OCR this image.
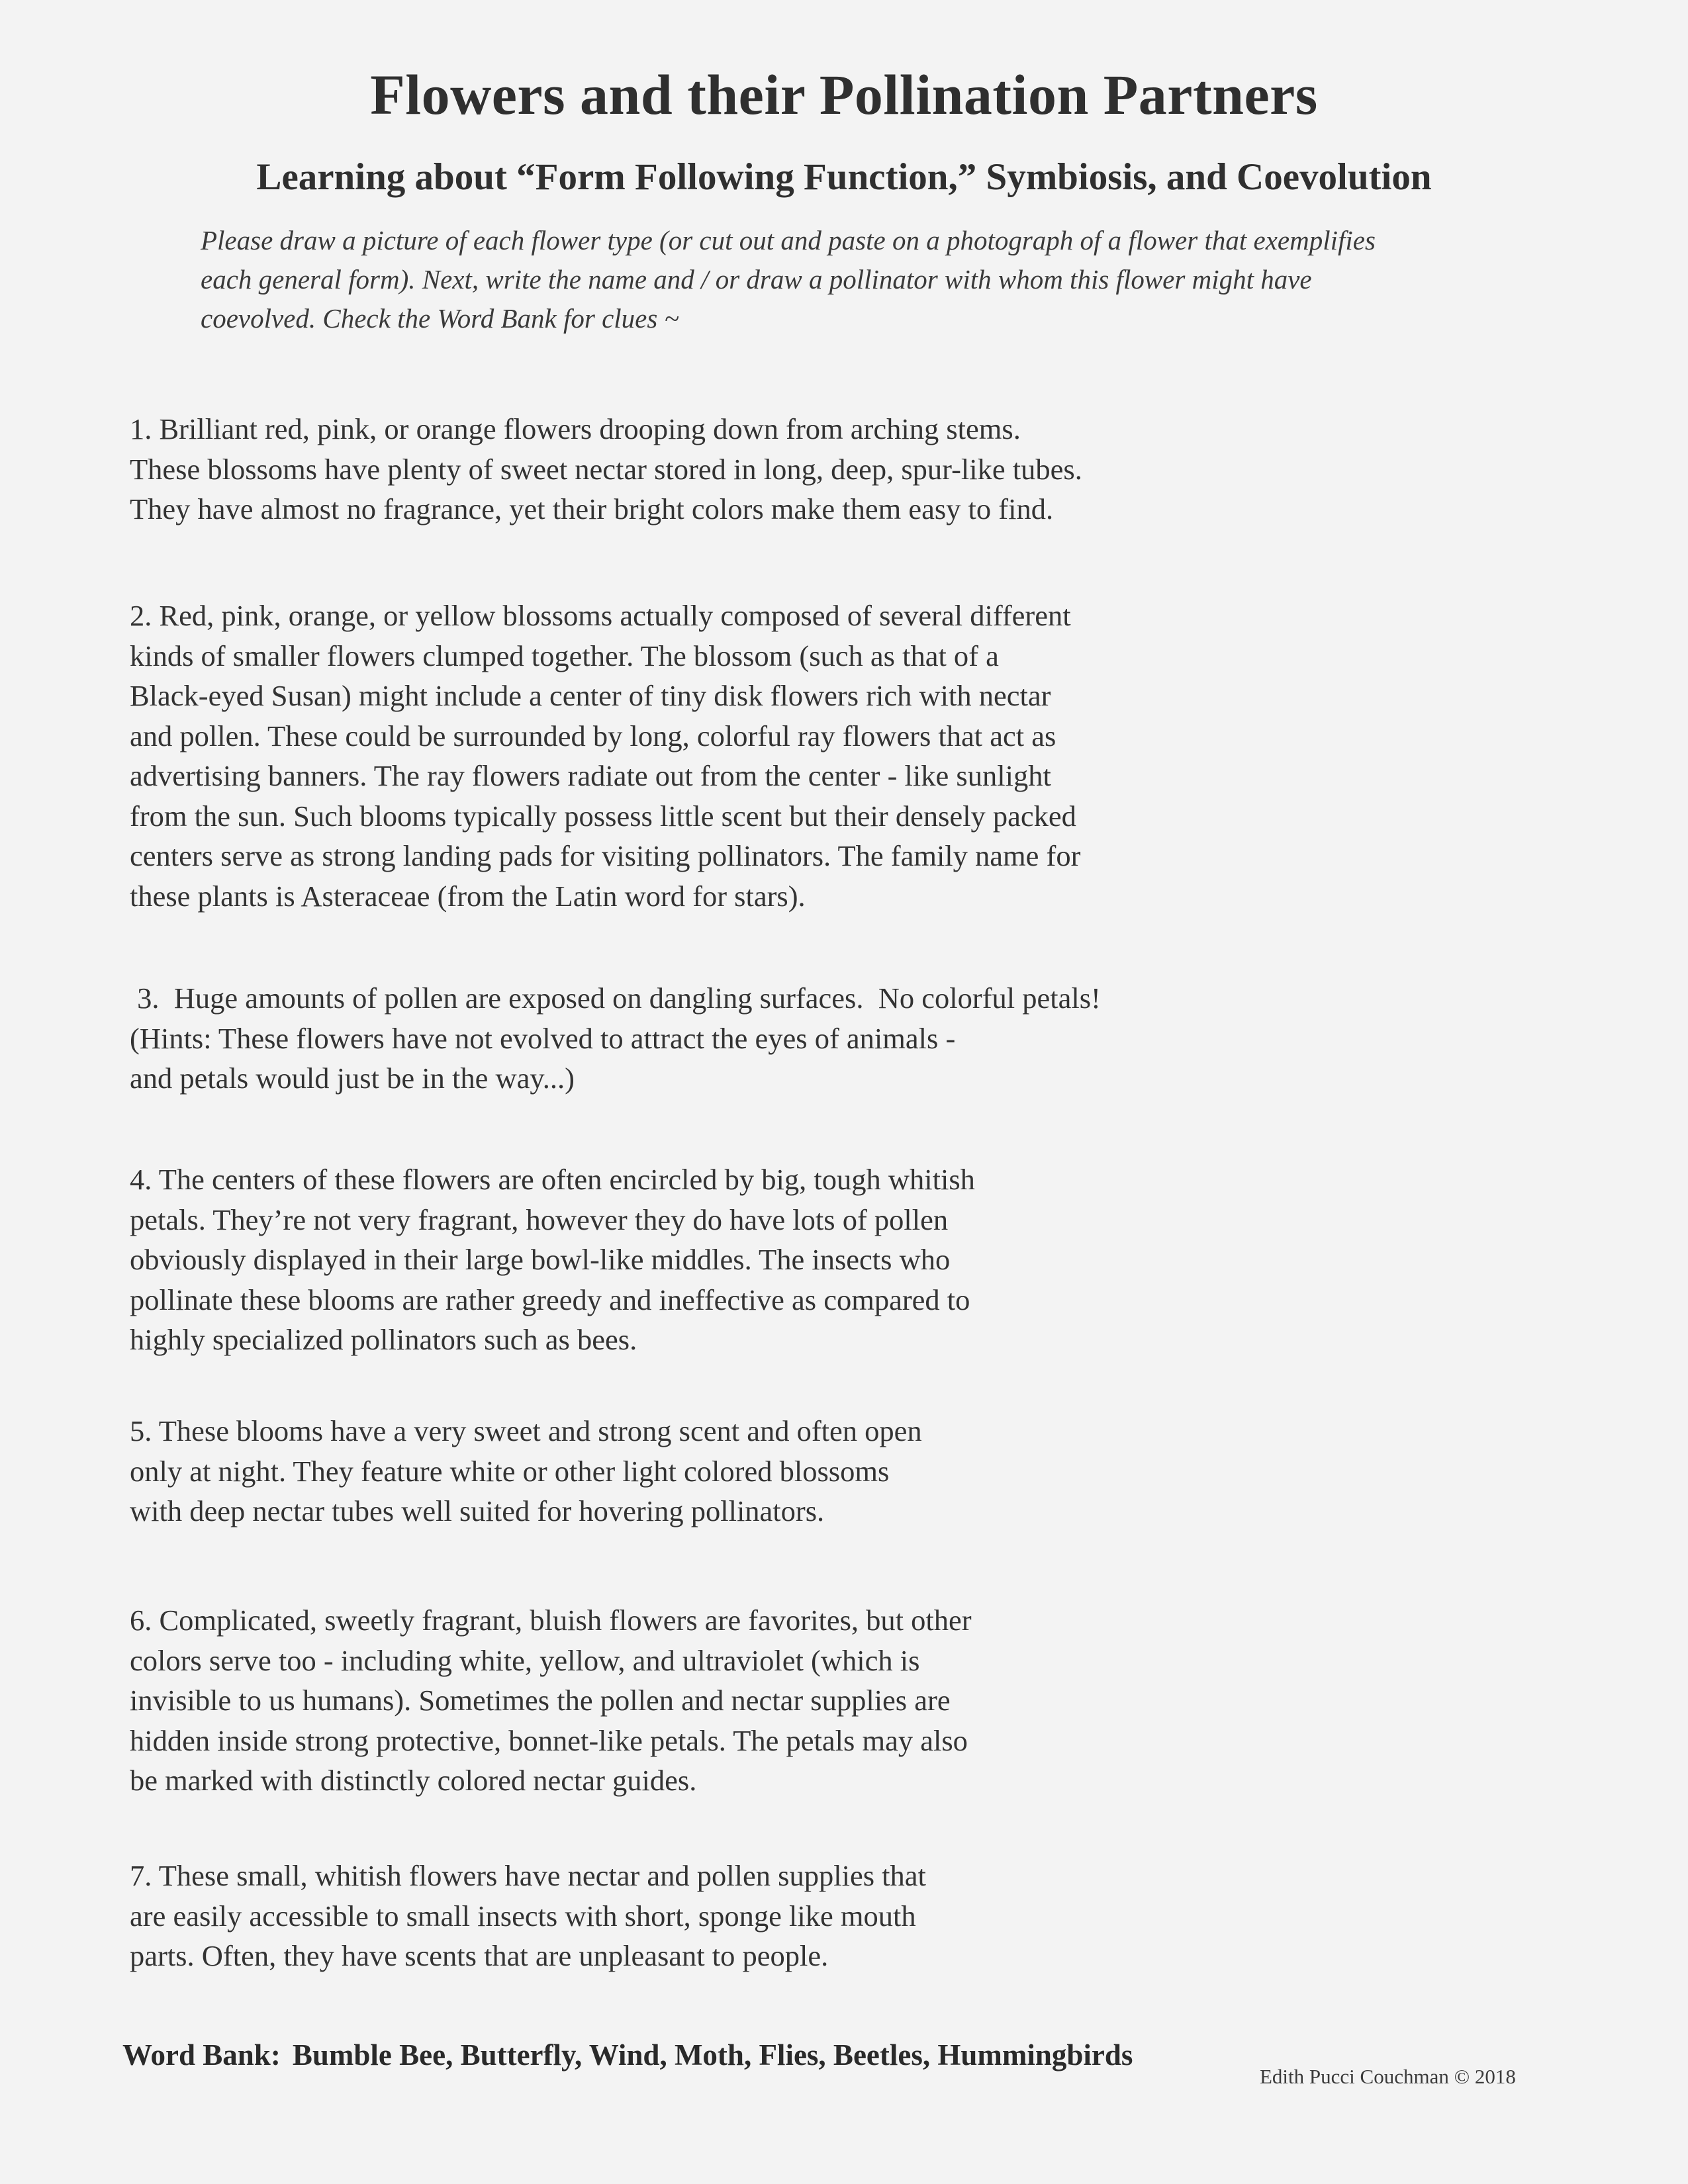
Flowers and their Pollination Partners
Learning about “Form Following Function,” Symbiosis, and Coevolution
Please draw a picture of each flower type (or cut out and paste on a photograph of a flower that exemplifies
each general form). Next, write the name and / or draw a pollinator with whom this flower might have
coevolved. Check the Word Bank for clues ~
1. Brilliant red, pink, or orange flowers drooping down from arching stems.
These blossoms have plenty of sweet nectar stored in long, deep, spur-like tubes.
They have almost no fragrance, yet their bright colors make them easy to find.
2. Red, pink, orange, or yellow blossoms actually composed of several different
kinds of smaller flowers clumped together. The blossom (such as that of a
Black-eyed Susan) might include a center of tiny disk flowers rich with nectar
and pollen. These could be surrounded by long, colorful ray flowers that act as
advertising banners. The ray flowers radiate out from the center - like sunlight
from the sun. Such blooms typically possess little scent but their densely packed
centers serve as strong landing pads for visiting pollinators. The family name for
these plants is Asteraceae (from the Latin word for stars).
3.  Huge amounts of pollen are exposed on dangling surfaces.  No colorful petals!
(Hints: These flowers have not evolved to attract the eyes of animals -
and petals would just be in the way...)
4. The centers of these flowers are often encircled by big, tough whitish
petals. They’re not very fragrant, however they do have lots of pollen
obviously displayed in their large bowl-like middles. The insects who
pollinate these blooms are rather greedy and ineffective as compared to
highly specialized pollinators such as bees.
5. These blooms have a very sweet and strong scent and often open
only at night. They feature white or other light colored blossoms
with deep nectar tubes well suited for hovering pollinators.
6. Complicated, sweetly fragrant, bluish flowers are favorites, but other
colors serve too - including white, yellow, and ultraviolet (which is
invisible to us humans). Sometimes the pollen and nectar supplies are
hidden inside strong protective, bonnet-like petals. The petals may also
be marked with distinctly colored nectar guides.
7. These small, whitish flowers have nectar and pollen supplies that
are easily accessible to small insects with short, sponge like mouth
parts. Often, they have scents that are unpleasant to people.
Word Bank: Bumble Bee, Butterfly, Wind, Moth, Flies, Beetles, Hummingbirds
Edith Pucci Couchman © 2018
